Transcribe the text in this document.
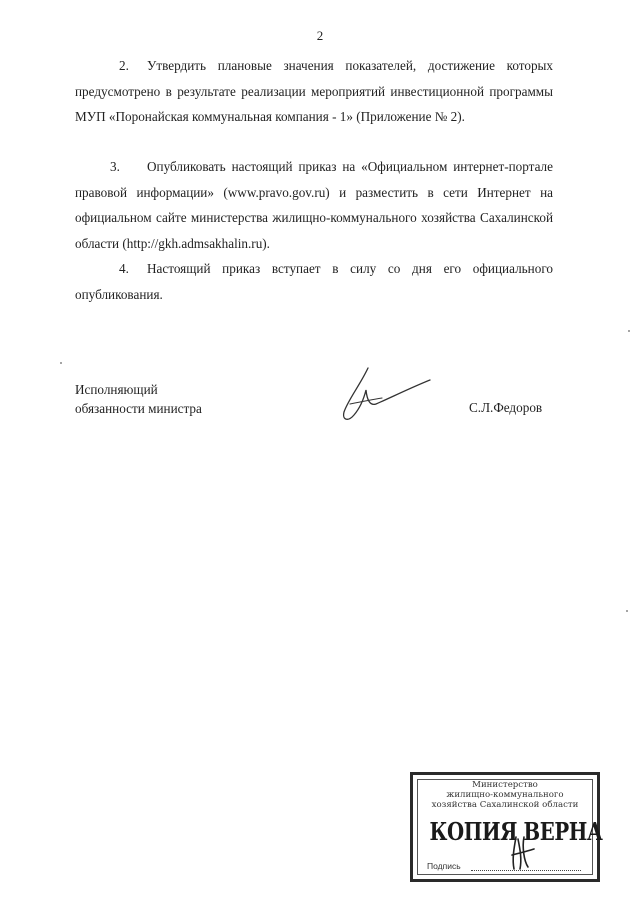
2

2. Утвердить плановые значения показателей, достижение которых предусмотрено в результате реализации мероприятий инвестиционной программы МУП «Поронайская коммунальная компания - 1» (Приложение № 2).

3. Опубликовать настоящий приказ на «Официальном интернет-портале правовой информации» (www.pravo.gov.ru) и разместить в сети Интернет на официальном сайте министерства жилищно-коммунального хозяйства Сахалинской области (http://gkh.admsakhalin.ru).

4. Настоящий приказ вступает в силу со дня его официального опубликования.

Исполняющий
обязанности министра	С.Л.Федоров
Министерство
жилищно-коммунального
хозяйства Сахалинской области
КОПИЯ ВЕРНА
Подпись
